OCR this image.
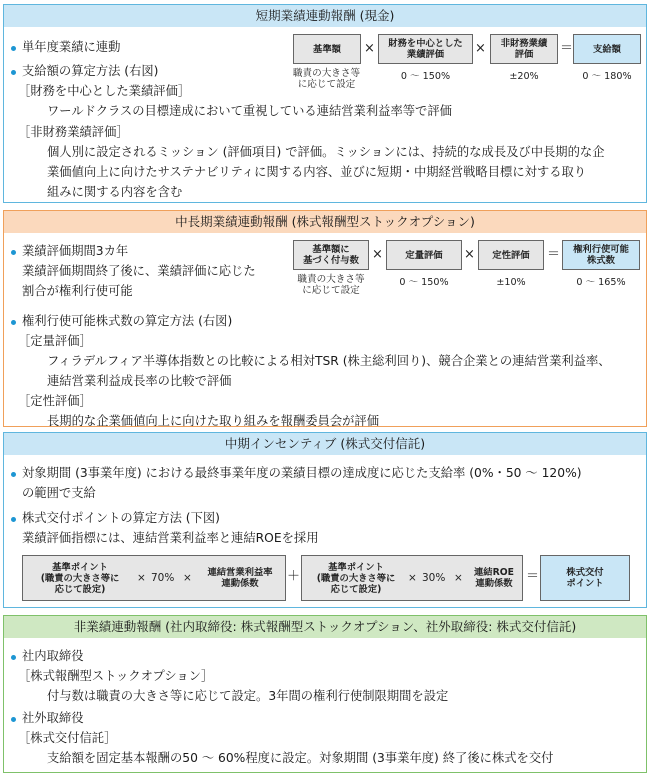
短期業績連動報酬 (現金)
単年度業績に連動
支給額の算定方法 (右図)
［財務を中心とした業績評価］
ワールドクラスの目標達成において重視している連結営業利益率等で評価
［非財務業績評価］
個人別に設定されるミッション (評価項目) で評価。ミッションには、持続的な成長及び中長期的な企
業価値向上に向けたサステナビリティに関する内容、並びに短期・中期経営戦略目標に対する取り
組みに関する内容を含む
基準額 × 財務を中心とした
業績評価	× 非財務業績
評価	＝ 支給額
職責の大きさ等
に応じて設定
0 ～ 150%	±20%	0 ～ 180%
中長期業績連動報酬 (株式報酬型ストックオプション)
業績評価期間3カ年
業績評価期間終了後に、業績評価に応じた
割合が権利行使可能
権利行使可能株式数の算定方法 (右図)
［定量評価］
フィラデルフィア半導体指数との比較による相対TSR (株主総利回り)、競合企業との連結営業利益率、
連結営業利益成長率の比較で評価
［定性評価］
長期的な企業価値向上に向けた取り組みを報酬委員会が評価
基準額に
基づく付与数 × 定量評価 × 定性評価 ＝ 権利行使可能
株式数
職責の大きさ等
に応じて設定
0 ～ 150%	±10%	0 ～ 165%
中期インセンティブ (株式交付信託)
対象期間 (3事業年度) における最終事業年度の業績目標の達成度に応じた支給率 (0%・50 ～ 120%)
の範囲で支給
株式交付ポイントの算定方法 (下図)
業績評価指標には、連結営業利益率と連結ROEを採用
基準ポイント
(職責の大きさ等に
応じて設定)
× 70% ×	連結営業利益率
連動係数	＋
基準ポイント
(職責の大きさ等に
応じて設定)
× 30% ×	連結ROE
連動係数	＝	株式交付
ポイント
非業績連動報酬 (社内取締役: 株式報酬型ストックオプション、社外取締役: 株式交付信託)
社内取締役
［株式報酬型ストックオプション］
付与数は職責の大きさ等に応じて設定。3年間の権利行使制限期間を設定
社外取締役
［株式交付信託］
支給額を固定基本報酬の50 ～ 60%程度に設定。対象期間 (3事業年度) 終了後に株式を交付
